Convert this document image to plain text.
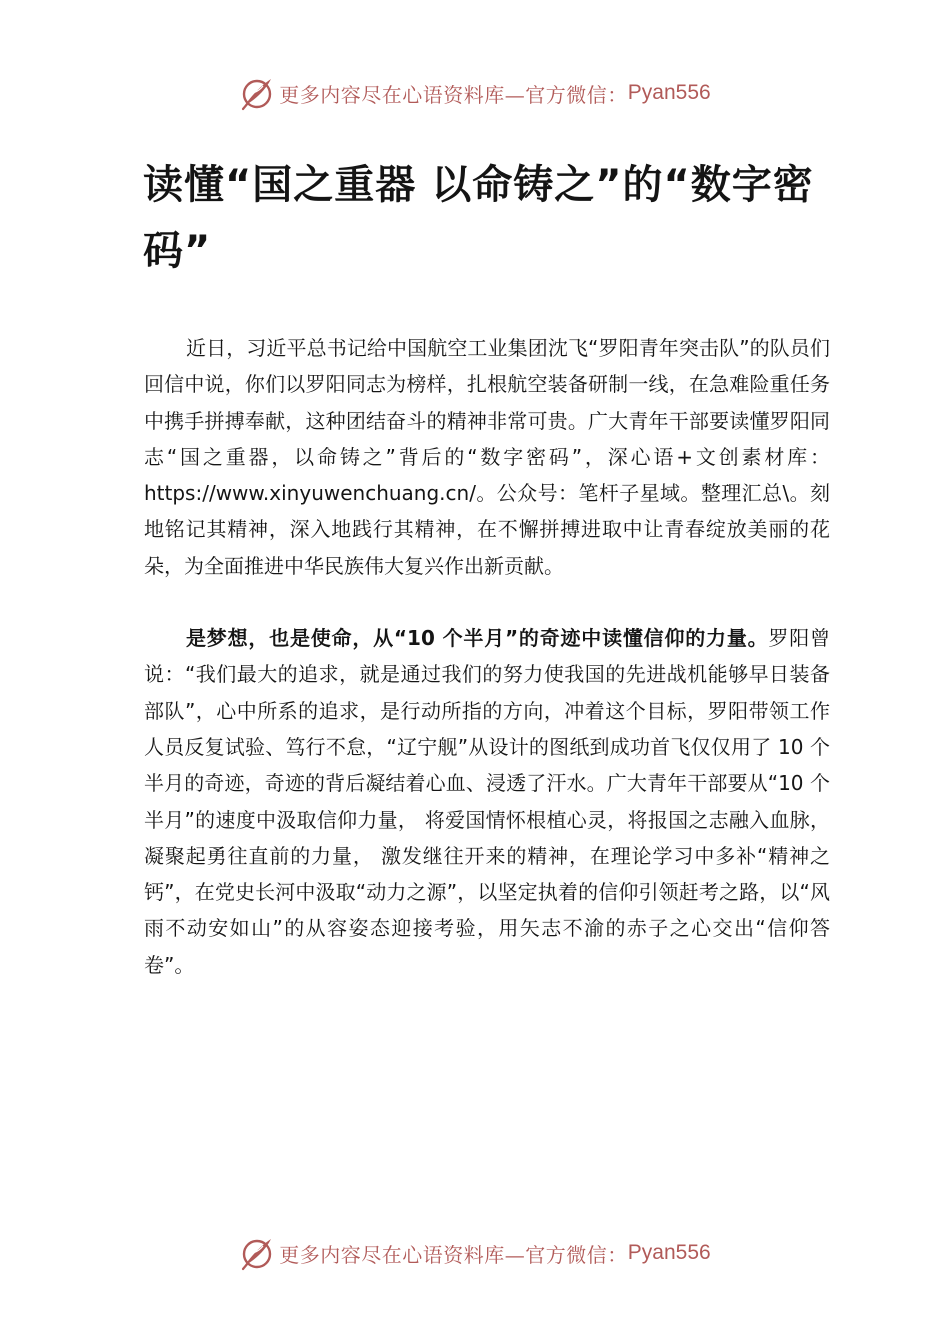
更多内容尽在心语资料库—官方微信： Pyan556
读懂“国之重器 以命铸之”的“数字密码”

近日，习近平总书记给中国航空工业集团沈飞“罗阳青年突击队”的队员们回信中说，你们以罗阳同志为榜样，扎根航空装备研制一线，在急难险重任务中携手拼搏奉献，这种团结奋斗的精神非常可贵。广大青年干部要读懂罗阳同志“国之重器，以命铸之”背后的“数字密码”，深心语+文创素材库：https://www.xinyuwenchuang.cn/。公众号：笔杆子星域。整理汇总\。刻地铭记其精神，深入地践行其精神，在不懈拼搏进取中让青春绽放美丽的花朵，为全面推进中华民族伟大复兴作出新贡献。

是梦想，也是使命，从“10 个半月”的奇迹中读懂信仰的力量。罗阳曾说：“我们最大的追求，就是通过我们的努力使我国的先进战机能够早日装备部队”，心中所系的追求，是行动所指的方向，冲着这个目标，罗阳带领工作人员反复试验、笃行不怠，“辽宁舰”从设计的图纸到成功首飞仅仅用了 10 个半月的奇迹，奇迹的背后凝结着心血、浸透了汗水。广大青年干部要从“10 个半月”的速度中汲取信仰力量， 将爱国情怀根植心灵，将报国之志融入血脉，凝聚起勇往直前的力量， 激发继往开来的精神，在理论学习中多补“精神之钙”，在党史长河中汲取“动力之源”，以坚定执着的信仰引领赶考之路，以“风雨不动安如山”的从容姿态迎接考验，用矢志不渝的赤子之心交出“信仰答卷”。

更多内容尽在心语资料库—官方微信： Pyan556
